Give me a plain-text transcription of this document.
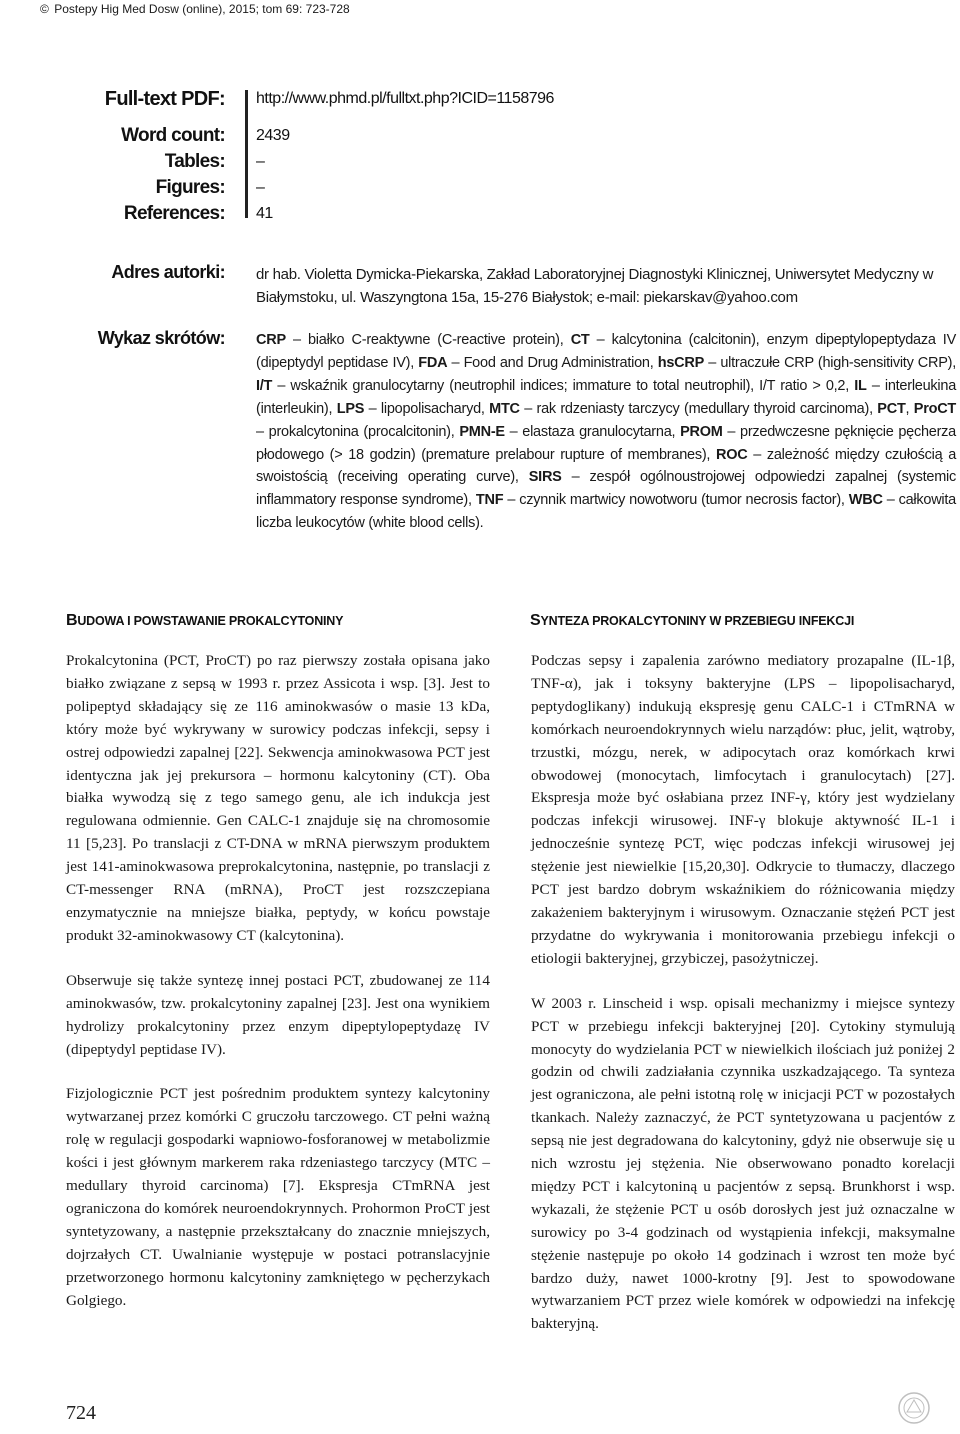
© Postepy Hig Med Dosw (online), 2015; tom 69: 723-728
Full-text PDF:
Word count:
Tables:
Figures:
References:
http://www.phmd.pl/fulltxt.php?ICID=1158796
2439
–
–
41
Adres autorki: dr hab. Violetta Dymicka-Piekarska, Zakład Laboratoryjnej Diagnostyki Klinicznej, Uniwersytet Medyczny w Białymstoku, ul. Waszyngtona 15a, 15-276 Białystok; e-mail: piekarskav@yahoo.com
Wykaz skrótów: CRP – białko C-reaktywne (C-reactive protein), CT – kalcytonina (calcitonin), enzym dipeptylopeptydaza IV (dipeptydyl peptidase IV), FDA – Food and Drug Administration, hsCRP – ultraczułe CRP (high-sensitivity CRP), I/T – wskaźnik granulocytarny (neutrophil indices; immature to total neutrophil), I/T ratio > 0,2, IL – interleukina (interleukin), LPS – lipopolisacharyd, MTC – rak rdzeniasty tarczycy (medullary thyroid carcinoma), PCT, ProCT – prokalcytonina (procalcitonin), PMN-E – elastaza granulocytarna, PROM – przedwczesne pęknięcie pęcherza płodowego (> 18 godzin) (premature prelabour rupture of membranes), ROC – zależność między czułością a swoistością (receiving operating curve), SIRS – zespół ogólnoustrojowej odpowiedzi zapalnej (systemic inflammatory response syndrome), TNF – czynnik martwicy nowotworu (tumor necrosis factor), WBC – całkowita liczba leukocytów (white blood cells).
BUDOWA I POWSTAWANIE PROKALCYTONINY	SYNTEZA PROKALCYTONINY W PRZEBIEGU INFEKCJI

Prokalcytonina (PCT, ProCT) po raz pierwszy została opisana jako białko związane z sepsą w 1993 r. przez Assicota i wsp. [3]. Jest to polipeptyd składający się ze 116 aminokwasów o masie 13 kDa, który może być wykrywany w surowicy podczas infekcji, sepsy i ostrej odpowiedzi zapalnej [22]. Sekwencja aminokwasowa PCT jest identyczna jak jej prekursora – hormonu kalcytoniny (CT). Oba białka wywodzą się z tego samego genu, ale ich indukcja jest regulowana odmiennie. Gen CALC-1 znajduje się na chromosomie 11 [5,23]. Po translacji z CT-DNA w mRNA pierwszym produktem jest 141-aminokwasowa preprokalcytonina, następnie, po translacji z CT-messenger RNA (mRNA), ProCT jest rozszczepiana enzymatycznie na mniejsze białka, peptydy, w końcu powstaje produkt 32-aminokwasowy CT (kalcytonina).

Obserwuje się także syntezę innej postaci PCT, zbudowanej ze 114 aminokwasów, tzw. prokalcytoniny zapalnej [23]. Jest ona wynikiem hydrolizy prokalcytoniny przez enzym dipeptylopeptydazę IV (dipeptydyl peptidase IV).

Fizjologicznie PCT jest pośrednim produktem syntezy kalcytoniny wytwarzanej przez komórki C gruczołu tarczowego. CT pełni ważną rolę w regulacji gospodarki wapniowo-fosforanowej w metabolizmie kości i jest głównym markerem raka rdzeniastego tarczycy (MTC – medullary thyroid carcinoma) [7]. Ekspresja CTmRNA jest ograniczona do komórek neuroendokrynnych. Prohormon ProCT jest syntetyzowany, a następnie przekształcany do znacznie mniejszych, dojrzałych CT. Uwalnianie występuje w postaci potranslacyjnie przetworzonego hormonu kalcytoniny zamkniętego w pęcherzykach Golgiego.

Podczas sepsy i zapalenia zarówno mediatory prozapalne (IL-1β, TNF-α), jak i toksyny bakteryjne (LPS – lipopolisacharyd, peptydoglikany) indukują ekspresję genu CALC-1 i CTmRNA w komórkach neuroendokrynnych wielu narządów: płuc, jelit, wątroby, trzustki, mózgu, nerek, w adipocytach oraz komórkach krwi obwodowej (monocytach, limfocytach i granulocytach) [27]. Ekspresja może być osłabiana przez INF-γ, który jest wydzielany podczas infekcji wirusowej. INF-γ blokuje aktywność IL-1 i jednocześnie syntezę PCT, więc podczas infekcji wirusowej jej stężenie jest niewielkie [15,20,30]. Odkrycie to tłumaczy, dlaczego PCT jest bardzo dobrym wskaźnikiem do różnicowania między zakażeniem bakteryjnym i wirusowym. Oznaczanie stężeń PCT jest przydatne do wykrywania i monitorowania przebiegu infekcji o etiologii bakteryjnej, grzybiczej, pasożytniczej.

W 2003 r. Linscheid i wsp. opisali mechanizmy i miejsce syntezy PCT w przebiegu infekcji bakteryjnej [20]. Cytokiny stymulują monocyty do wydzielania PCT w niewielkich ilościach już poniżej 2 godzin od chwili zadziałania czynnika uszkadzającego. Ta synteza jest ograniczona, ale pełni istotną rolę w inicjacji PCT w pozostałych tkankach. Należy zaznaczyć, że PCT syntetyzowana u pacjentów z sepsą nie jest degradowana do kalcytoniny, gdyż nie obserwuje się u nich wzrostu jej stężenia. Nie obserwowano ponadto korelacji między PCT i kalcytoniną u pacjentów z sepsą. Brunkhorst i wsp. wykazali, że stężenie PCT u osób dorosłych jest już oznaczalne w surowicy po 3-4 godzinach od wystąpienia infekcji, maksymalne stężenie następuje po około 14 godzinach i wzrost ten może być bardzo duży, nawet 1000-krotny [9]. Jest to spowodowane wytwarzaniem PCT przez wiele komórek w odpowiedzi na infekcję bakteryjną.

724
